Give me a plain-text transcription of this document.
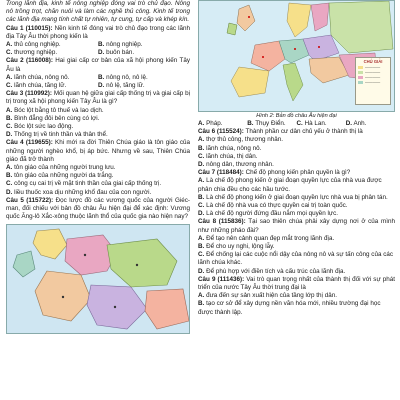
Trong lãnh địa, kinh tế nông nghiệp đóng vai trò chủ đạo. Nông nô trồng trọt, chăn nuôi và làm các nghề thủ công. Kinh tế trong các lãnh địa mang tính chất tự nhiên, tự cung, tự cấp và khép kín.

Câu 1 (110015): Nền kinh tế đóng vai trò chủ đạo trong các lãnh địa Tây Âu thời phong kiến là

A. thủ công nghiệp.	B. nông nghiệp.
C. thương nghiệp.	D. buôn bán.

Câu 2 (116008): Hai giai cấp cơ bản của xã hội phong kiến Tây Âu là

A. lãnh chúa, nông nô.	B. nông nô, nô lệ.
C. lãnh chúa, tăng lữ.	D. nô lệ, tăng lữ.

Câu 3 (110992): Mối quan hệ giữa giai cấp thống trị và giai cấp bị trị trong xã hội phong kiến Tây Âu là gì?

A. Bóc lột bằng tô thuế và lao dịch.
B. Bình đẳng đôi bên cùng có lợi.
C. Bóc lột sức lao động.
D. Thống trị về tinh thần và thân thể.

Câu 4 (119655): Khi mới ra đời Thiên Chúa giáo là tôn giáo của những người nghèo khổ, bị áp bức. Nhưng về sau, Thiên Chúa giáo đã trở thành

A. tôn giáo của những người trung lưu.
B. tôn giáo của những người da trắng.
C. công cụ cai trị về mặt tinh thần của giai cấp thống trị.
D. liều thuốc xoa dịu những khổ đau của con người.

Câu 5 (115722): Đọc lược đồ các vương quốc của người Giéc-man, đối chiếu với bản đồ châu Âu hiện đại để xác định: Vương quốc Ăng-lô Xắc-xông thuộc lãnh thổ của quốc gia nào hiện nay?

CHÚ GIẢI
————
————
————
————
Hình 2: Bản đồ châu Âu hiện đại
A. Pháp.	B. Thụy Điển.	C. Hà Lan.	D. Anh.

Câu 6 (115524): Thành phần cư dân chủ yếu ở thành thị là

A. thợ thủ công, thương nhân.
B. lãnh chúa, nông nô.
C. lãnh chúa, thị dân.
D. nông dân, thương nhân.

Câu 7 (118484): Chế độ phong kiến phân quyền là gì?

A. Là chế độ phong kiến ở giai đoạn quyền lực của nhà vua được phân chia đều cho các hầu tước.
B. Là chế độ phong kiến ở giai đoạn quyền lực nhà vua bị phân tán.
C. Là chế độ nhà vua có thực quyền cai trị toàn quốc.
D. Là chế độ người đứng đầu nắm mọi quyền lực.

Câu 8 (115836): Tại sao thiên chúa phải xây dựng nơi ở của mình như những pháo đài?

A. Để tạo nên cảnh quan đẹp mắt trong lãnh địa.
B. Để cho uy nghi, lộng lẫy.
C. Để chống lại các cuộc nổi dậy của nông nô và sự tấn công của các lãnh chúa khác.
D. Để phù hợp với điền tích và cấu trúc của lãnh địa.

Câu 9 (111436): Vai trò quan trọng nhất của thành thị đối với sự phát triển của nước Tây Âu thời trung đại là

A. đưa đến sự sản xuất hiện của tầng lớp thị dân.
B. tạo cơ sở để xây dựng nền văn hóa mới, nhiều trường đại học được thành lập.
